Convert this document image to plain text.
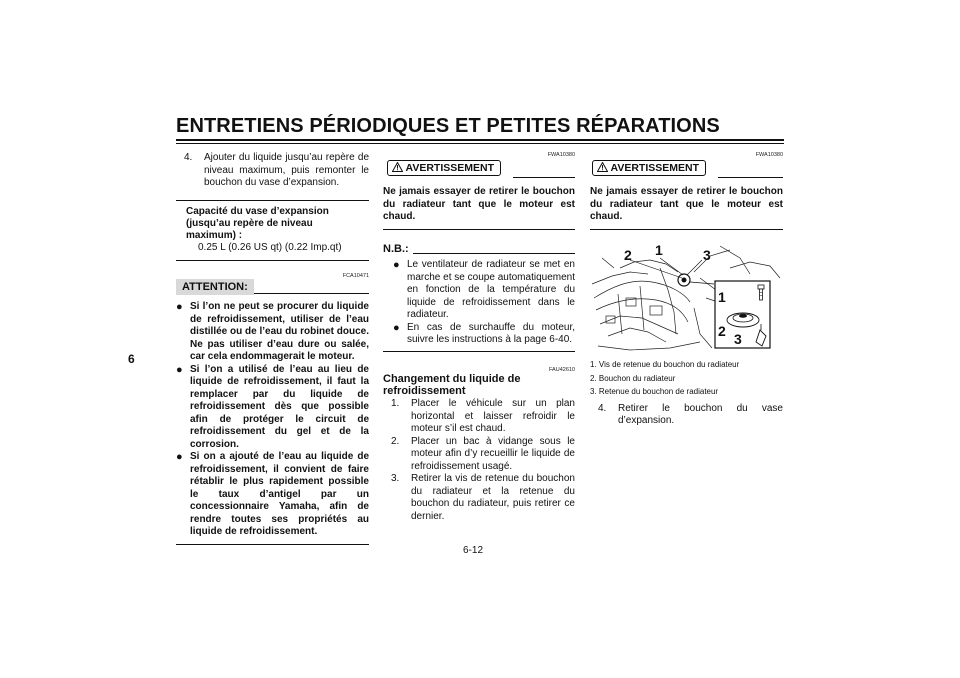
ENTRETIENS PÉRIODIQUES ET PETITES RÉPARATIONS
6
4.	Ajouter du liquide jusqu’au repère de niveau maximum, puis remonter le bouchon du vase d’expansion.
Capacité du vase d’expansion (jusqu’au repère de niveau maximum) :
0.25 L (0.26 US qt) (0.22 Imp.qt)
FCA10471
ATTENTION:
● Si l’on ne peut se procurer du liquide de refroidissement, utiliser de l’eau distillée ou de l’eau du robinet douce. Ne pas utiliser d’eau dure ou salée, car cela endommagerait le moteur.
● Si l’on a utilisé de l’eau au lieu de liquide de refroidissement, il faut la remplacer par du liquide de refroidissement dès que possible afin de protéger le circuit de refroidissement du gel et de la corrosion.
● Si on a ajouté de l’eau au liquide de refroidissement, il convient de faire rétablir le plus rapidement possible le taux d’antigel par un concessionnaire Yamaha, afin de rendre toutes ses propriétés au liquide de refroidissement.
FWA10380
AVERTISSEMENT
Ne jamais essayer de retirer le bouchon du radiateur tant que le moteur est chaud.
N.B.:
● Le ventilateur de radiateur se met en marche et se coupe automatiquement en fonction de la température du liquide de refroidissement dans le radiateur.
● En cas de surchauffe du moteur, suivre les instructions à la page 6-40.
FAU42610
Changement du liquide de refroidissement
1.	Placer le véhicule sur un plan horizontal et laisser refroidir le moteur s’il est chaud.
2.	Placer un bac à vidange sous le moteur afin d’y recueillir le liquide de refroidissement usagé.
3.	Retirer la vis de retenue du bouchon du radiateur et la retenue du bouchon du radiateur, puis retirer ce dernier.
FWA10380
AVERTISSEMENT
Ne jamais essayer de retirer le bouchon du radiateur tant que le moteur est chaud.
2 1	3
1
2 3
1. Vis de retenue du bouchon du radiateur
2. Bouchon du radiateur
3. Retenue du bouchon de radiateur
4.	Retirer le bouchon du vase d’expansion.
6-12
